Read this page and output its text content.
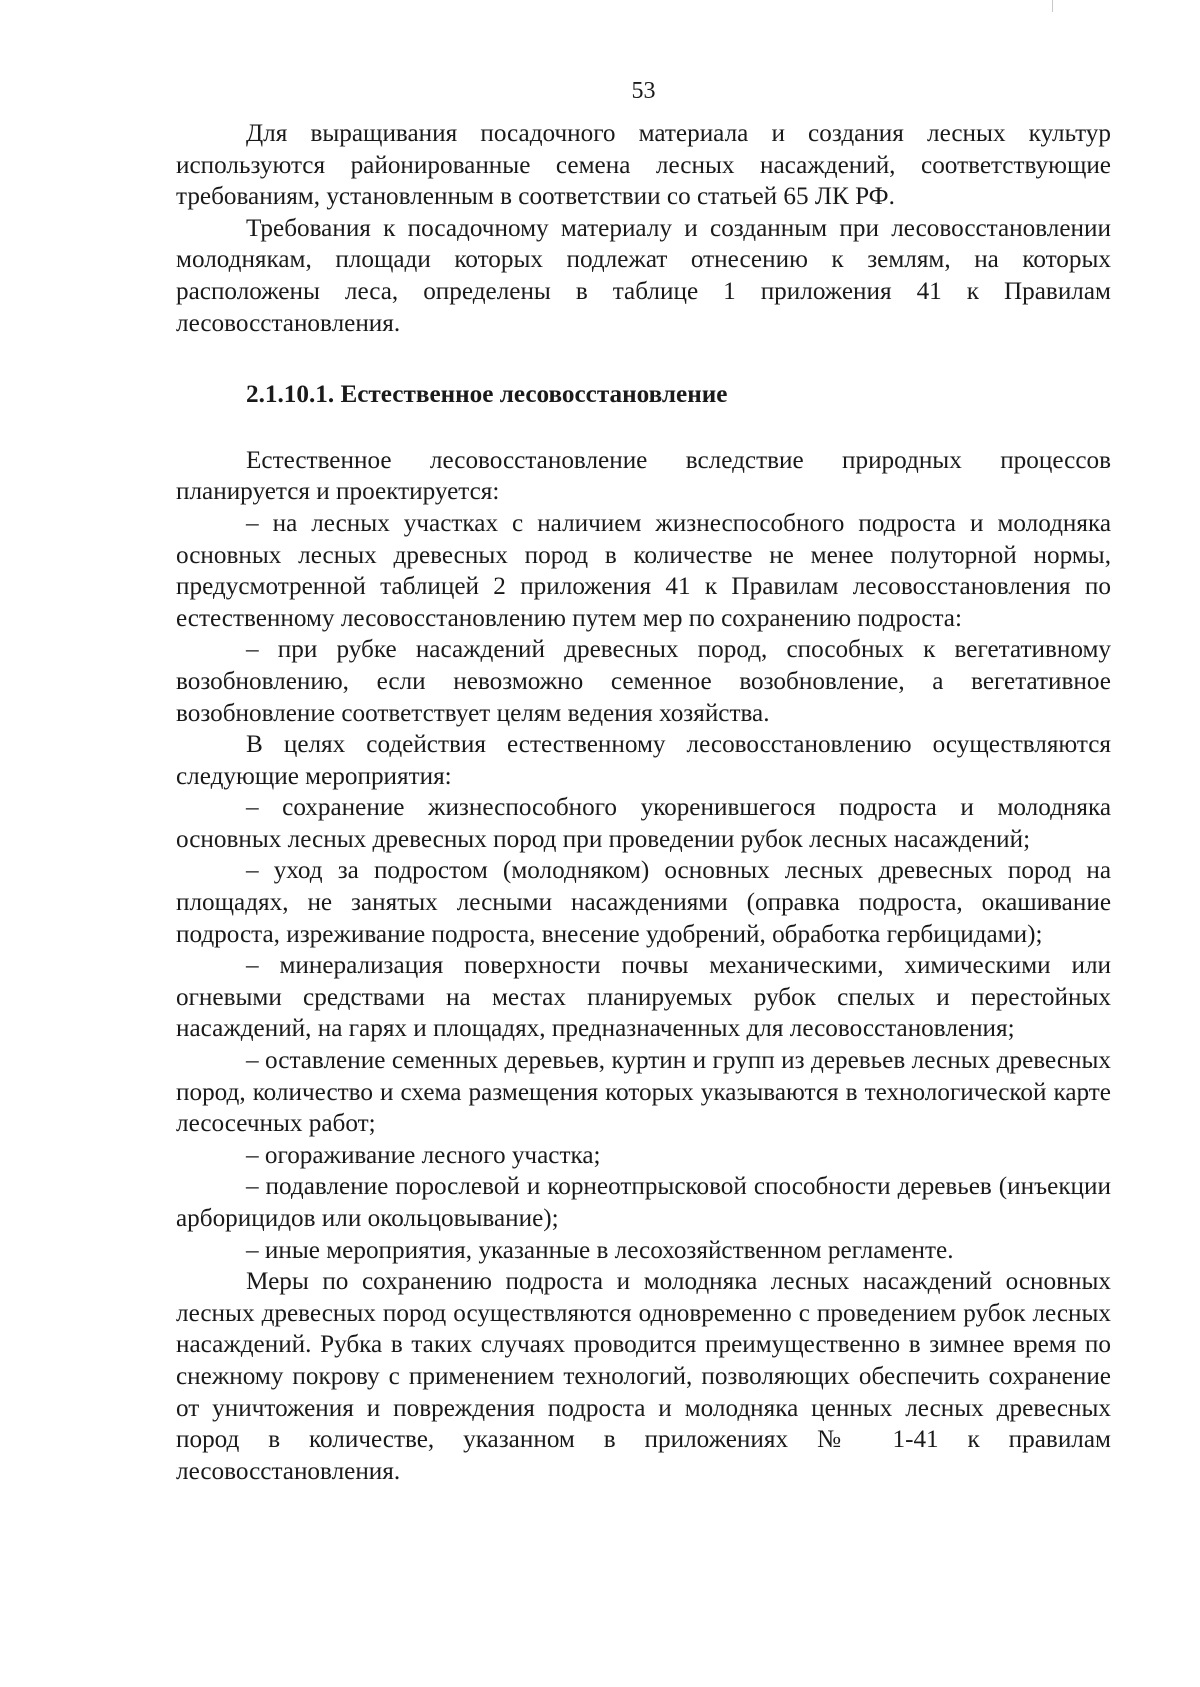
53

Для выращивания посадочного материала и создания лесных культур используются районированные семена лесных насаждений, соответствующие требованиям, установленным в соответствии со статьей 65 ЛК РФ.

Требования к посадочному материалу и созданным при лесовосстановлении молоднякам, площади которых подлежат отнесению к землям, на которых расположены леса, определены в таблице 1 приложения 41 к Правилам лесовосстановления.

2.1.10.1. Естественное лесовосстановление

Естественное лесовосстановление вследствие природных процессов планируется и проектируется:

– на лесных участках с наличием жизнеспособного подроста и молодняка основных лесных древесных пород в количестве не менее полуторной нормы, предусмотренной таблицей 2 приложения 41 к Правилам лесовосстановления по естественному лесовосстановлению путем мер по сохранению подроста:

– при рубке насаждений древесных пород, способных к вегетативному возобновлению, если невозможно семенное возобновление, а вегетативное возобновление соответствует целям ведения хозяйства.

В целях содействия естественному лесовосстановлению осуществляются следующие мероприятия:

– сохранение жизнеспособного укоренившегося подроста и молодняка основных лесных древесных пород при проведении рубок лесных насаждений;

– уход за подростом (молодняком) основных лесных древесных пород на площадях, не занятых лесными насаждениями (оправка подроста, окашивание подроста, изреживание подроста, внесение удобрений, обработка гербицидами);

– минерализация поверхности почвы механическими, химическими или огневыми средствами на местах планируемых рубок спелых и перестойных насаждений, на гарях и площадях, предназначенных для лесовосстановления;

– оставление семенных деревьев, куртин и групп из деревьев лесных древесных пород, количество и схема размещения которых указываются в технологической карте лесосечных работ;

– огораживание лесного участка;

– подавление порослевой и корнеотпрысковой способности деревьев (инъекции арборицидов или окольцовывание);

– иные мероприятия, указанные в лесохозяйственном регламенте.

Меры по сохранению подроста и молодняка лесных насаждений основных лесных древесных пород осуществляются одновременно с проведением рубок лесных насаждений. Рубка в таких случаях проводится преимущественно в зимнее время по снежному покрову с применением технологий, позволяющих обеспечить сохранение от уничтожения и повреждения подроста и молодняка ценных лесных древесных пород в количестве, указанном в приложениях № 1-41 к правилам лесовосстановления.
